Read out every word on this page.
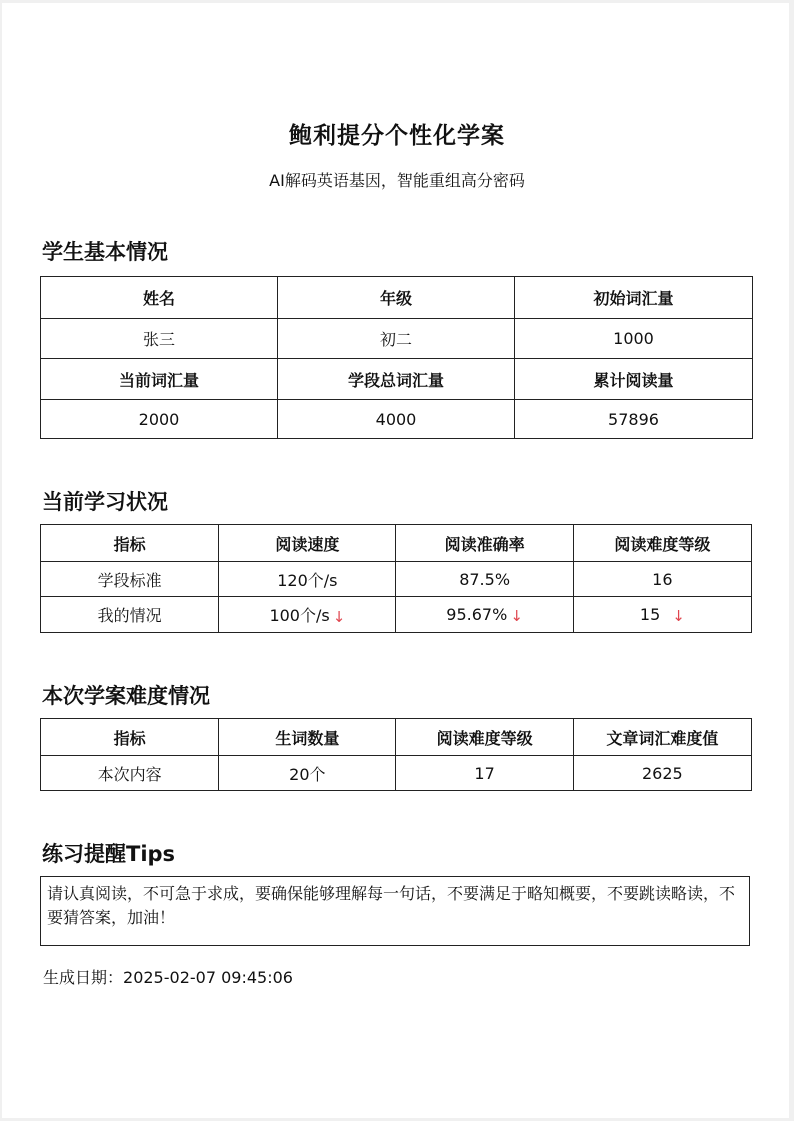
鲍利提分个性化学案
AI解码英语基因，智能重组高分密码
学生基本情况
姓名	年级	初始词汇量
张三	初二	1000
当前词汇量	学段总词汇量	累计阅读量
2000	4000	57896
当前学习状况
指标	阅读速度	阅读准确率	阅读难度等级
学段标准	120个/s	87.5%	16
我的情况	100个/s ↓	95.67% ↓	15 ↓
本次学案难度情况
指标	生词数量	阅读难度等级	文章词汇难度值
本次内容	20个	17	2625
练习提醒Tips
请认真阅读，不可急于求成，要确保能够理解每一句话，不要满足于略知概要，不要跳读略读，不要猜答案，加油！
生成日期：2025-02-07 09:45:06
